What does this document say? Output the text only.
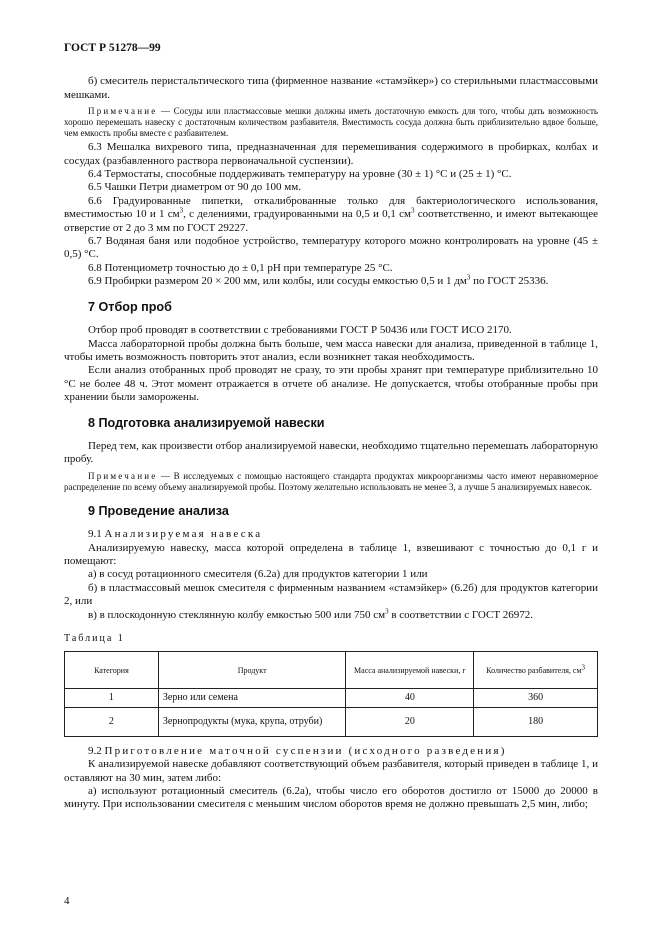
ГОСТ Р 51278—99

б) смеситель перистальтического типа (фирменное название «стамэйкер») со стерильными пластмассовыми мешками.

Примечание — Сосуды или пластмассовые мешки должны иметь достаточную емкость для того, чтобы дать возможность хорошо перемешать навеску с достаточным количеством разбавителя. Вместимость сосуда должна быть приблизительно вдвое больше, чем емкость пробы вместе с разбавителем.

6.3 Мешалка вихревого типа, предназначенная для перемешивания содержимого в пробирках, колбах и сосудах (разбавленного раствора первоначальной суспензии).

6.4 Термостаты, способные поддерживать температуру на уровне (30 ± 1) °С и (25 ± 1) °С.

6.5 Чашки Петри диаметром от 90 до 100 мм.

6.6 Градуированные пипетки, откалиброванные только для бактериологического использования, вместимостью 10 и 1 $см^3$, с делениями, градуированными на 0,5 и 0,1 $см^3$ соответственно, и имеют вытекающее отверстие от 2 до 3 мм по ГОСТ 29227.

6.7 Водяная баня или подобное устройство, температуру которого можно контролировать на уровне (45 ± 0,5) °С.

6.8 Потенциометр точностью до ± 0,1 pH при температуре 25 °С.

6.9 Пробирки размером 20 × 200 мм, или колбы, или сосуды емкостью 0,5 и 1 $дм^3$ по ГОСТ 25336.

7 Отбор проб

Отбор проб проводят в соответствии с требованиями ГОСТ Р 50436 или ГОСТ ИСО 2170.

Масса лабораторной пробы должна быть больше, чем масса навески для анализа, приведенной в таблице 1, чтобы иметь возможность повторить этот анализ, если возникнет такая необходимость.

Если анализ отобранных проб проводят не сразу, то эти пробы хранят при температуре приблизительно 10 °С не более 48 ч. Этот момент отражается в отчете об анализе. Не допускается, чтобы отобранные пробы при хранении были заморожены.

8 Подготовка анализируемой навески

Перед тем, как произвести отбор анализируемой навески, необходимо тщательно перемешать лабораторную пробу.

Примечание — В исследуемых с помощью настоящего стандарта продуктах микроорганизмы часто имеют неравномерное распределение по всему объему анализируемой пробы. Поэтому желательно использовать не менее 3, а лучше 5 анализируемых навесок.

9 Проведение анализа

9.1 Анализируемая навеска

Анализируемую навеску, масса которой определена в таблице 1, взвешивают с точностью до 0,1 г и помещают:

а) в сосуд ротационного смесителя (6.2а) для продуктов категории 1 или

б) в пластмассовый мешок смесителя с фирменным названием «стамэйкер» (6.2б) для продуктов категории 2, или

в) в плоскодонную стеклянную колбу емкостью 500 или 750 $см^3$ в соответствии с ГОСТ 26972.

Таблица 1
Категория	Продукт	Масса анализируемой навески, г	Количество разбавителя, $см^3$
1	Зерно или семена	40	360
2	Зернопродукты (мука, крупа, отруби)	20	180

9.2 Приготовление маточной суспензии (исходного разведения)

К анализируемой навеске добавляют соответствующий объем разбавителя, который приведен в таблице 1, и оставляют на 30 мин, затем либо:

а) используют ротационный смеситель (6.2а), чтобы число его оборотов достигло от 15000 до 20000 в минуту. При использовании смесителя с меньшим числом оборотов время не должно превышать 2,5 мин, либо;

4
